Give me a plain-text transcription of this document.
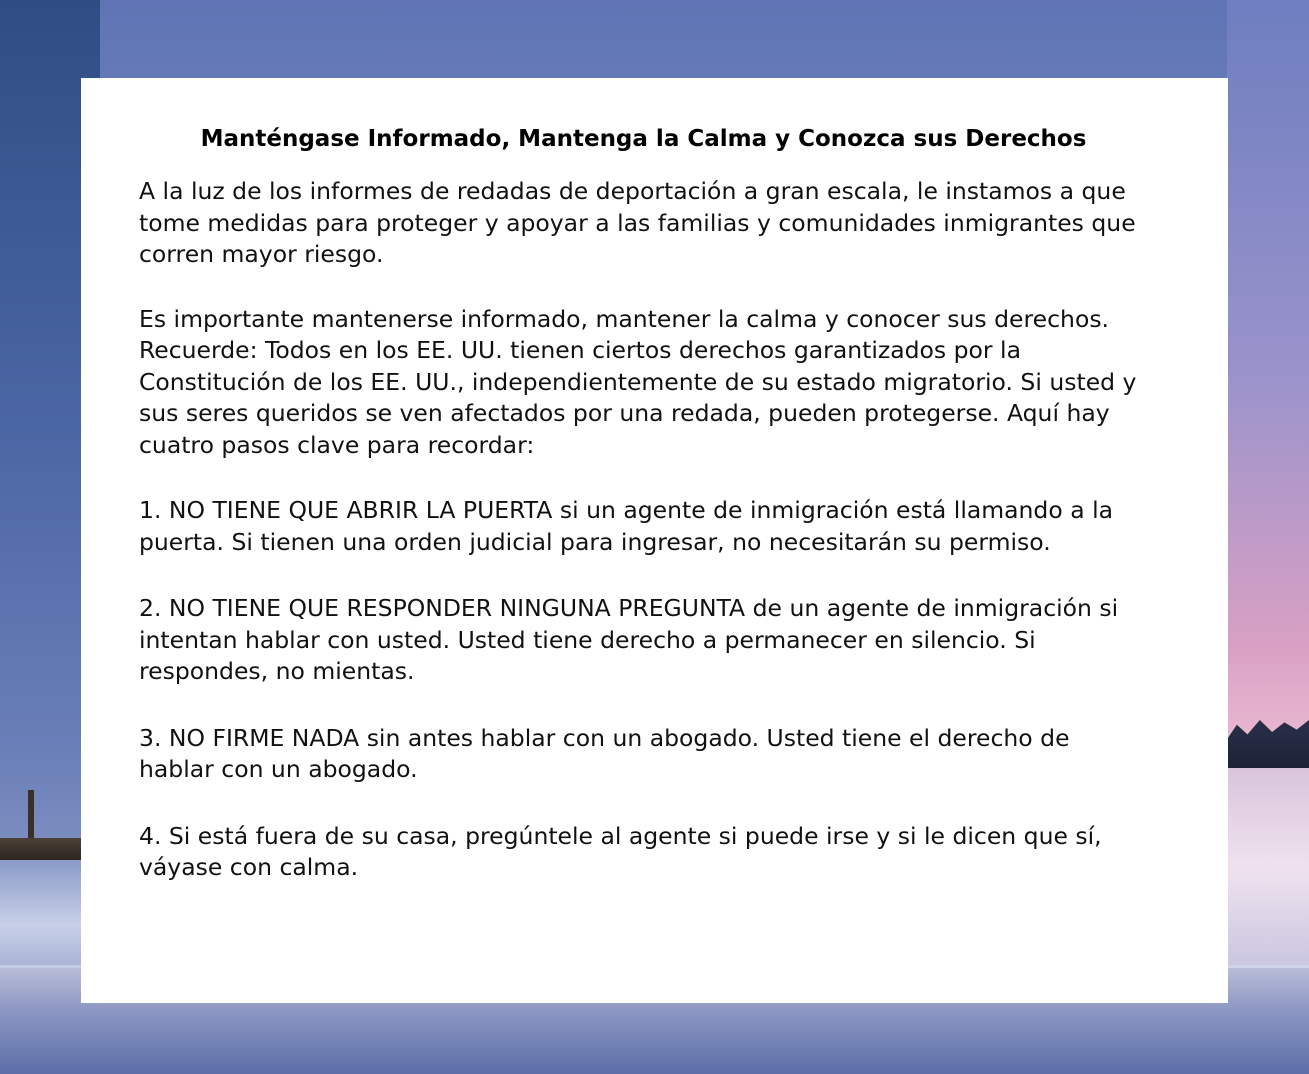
Manténgase Informado, Mantenga la Calma y Conozca sus Derechos

A la luz de los informes de redadas de deportación a gran escala, le instamos a que tome medidas para proteger y apoyar a las familias y comunidades inmigrantes que corren mayor riesgo.

Es importante mantenerse informado, mantener la calma y conocer sus derechos.

Recuerde: Todos en los EE. UU. tienen ciertos derechos garantizados por la Constitución de los EE. UU., independientemente de su estado migratorio. Si usted y sus seres queridos se ven afectados por una redada, pueden protegerse. Aquí hay cuatro pasos clave para recordar:

1. NO TIENE QUE ABRIR LA PUERTA si un agente de inmigración está llamando a la puerta. Si tienen una orden judicial para ingresar, no necesitarán su permiso.

2. NO TIENE QUE RESPONDER NINGUNA PREGUNTA de un agente de inmigración si intentan hablar con usted. Usted tiene derecho a permanecer en silencio. Si respondes, no mientas.

3. NO FIRME NADA sin antes hablar con un abogado. Usted tiene el derecho de hablar con un abogado.

4. Si está fuera de su casa, pregúntele al agente si puede irse y si le dicen que sí, váyase con calma.
